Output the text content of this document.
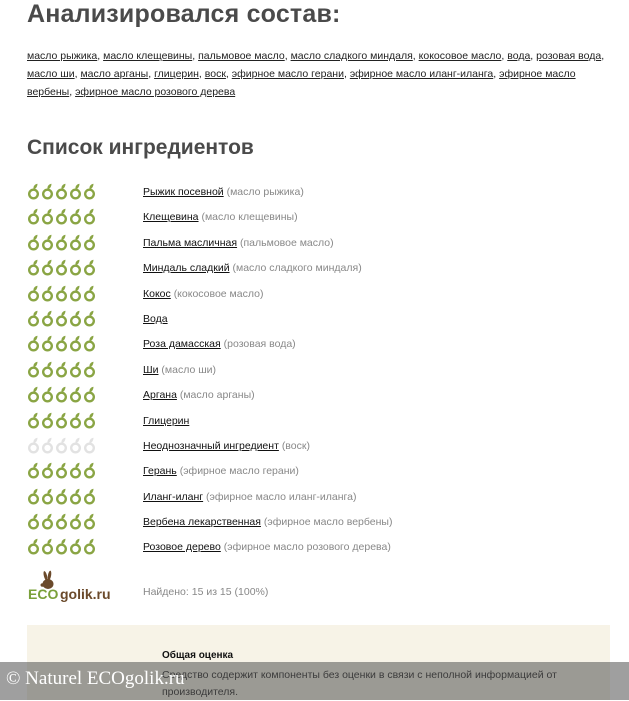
Анализировался состав:
масло рыжика, масло клещевины, пальмовое масло, масло сладкого миндаля, кокосовое масло, вода, розовая вода, масло ши, масло арганы, глицерин, воск, эфирное масло герани, эфирное масло иланг-иланга, эфирное масло вербены, эфирное масло розового дерева
Список ингредиентов
Рыжик посевной (масло рыжика)
Клещевина (масло клещевины)
Пальма масличная (пальмовое масло)
Миндаль сладкий (масло сладкого миндаля)
Кокос (кокосовое масло)
Вода
Роза дамасская (розовая вода)
Ши (масло ши)
Аргана (масло арганы)
Глицерин
Неоднозначный ингредиент (воск)
Герань (эфирное масло герани)
Иланг-иланг (эфирное масло иланг-иланга)
Вербена лекарственная (эфирное масло вербены)
Розовое дерево (эфирное масло розового дерева)
ECO golik.ru	Найдено: 15 из 15 (100%)
Общая оценка
© Naturel ECOgolik.ru
